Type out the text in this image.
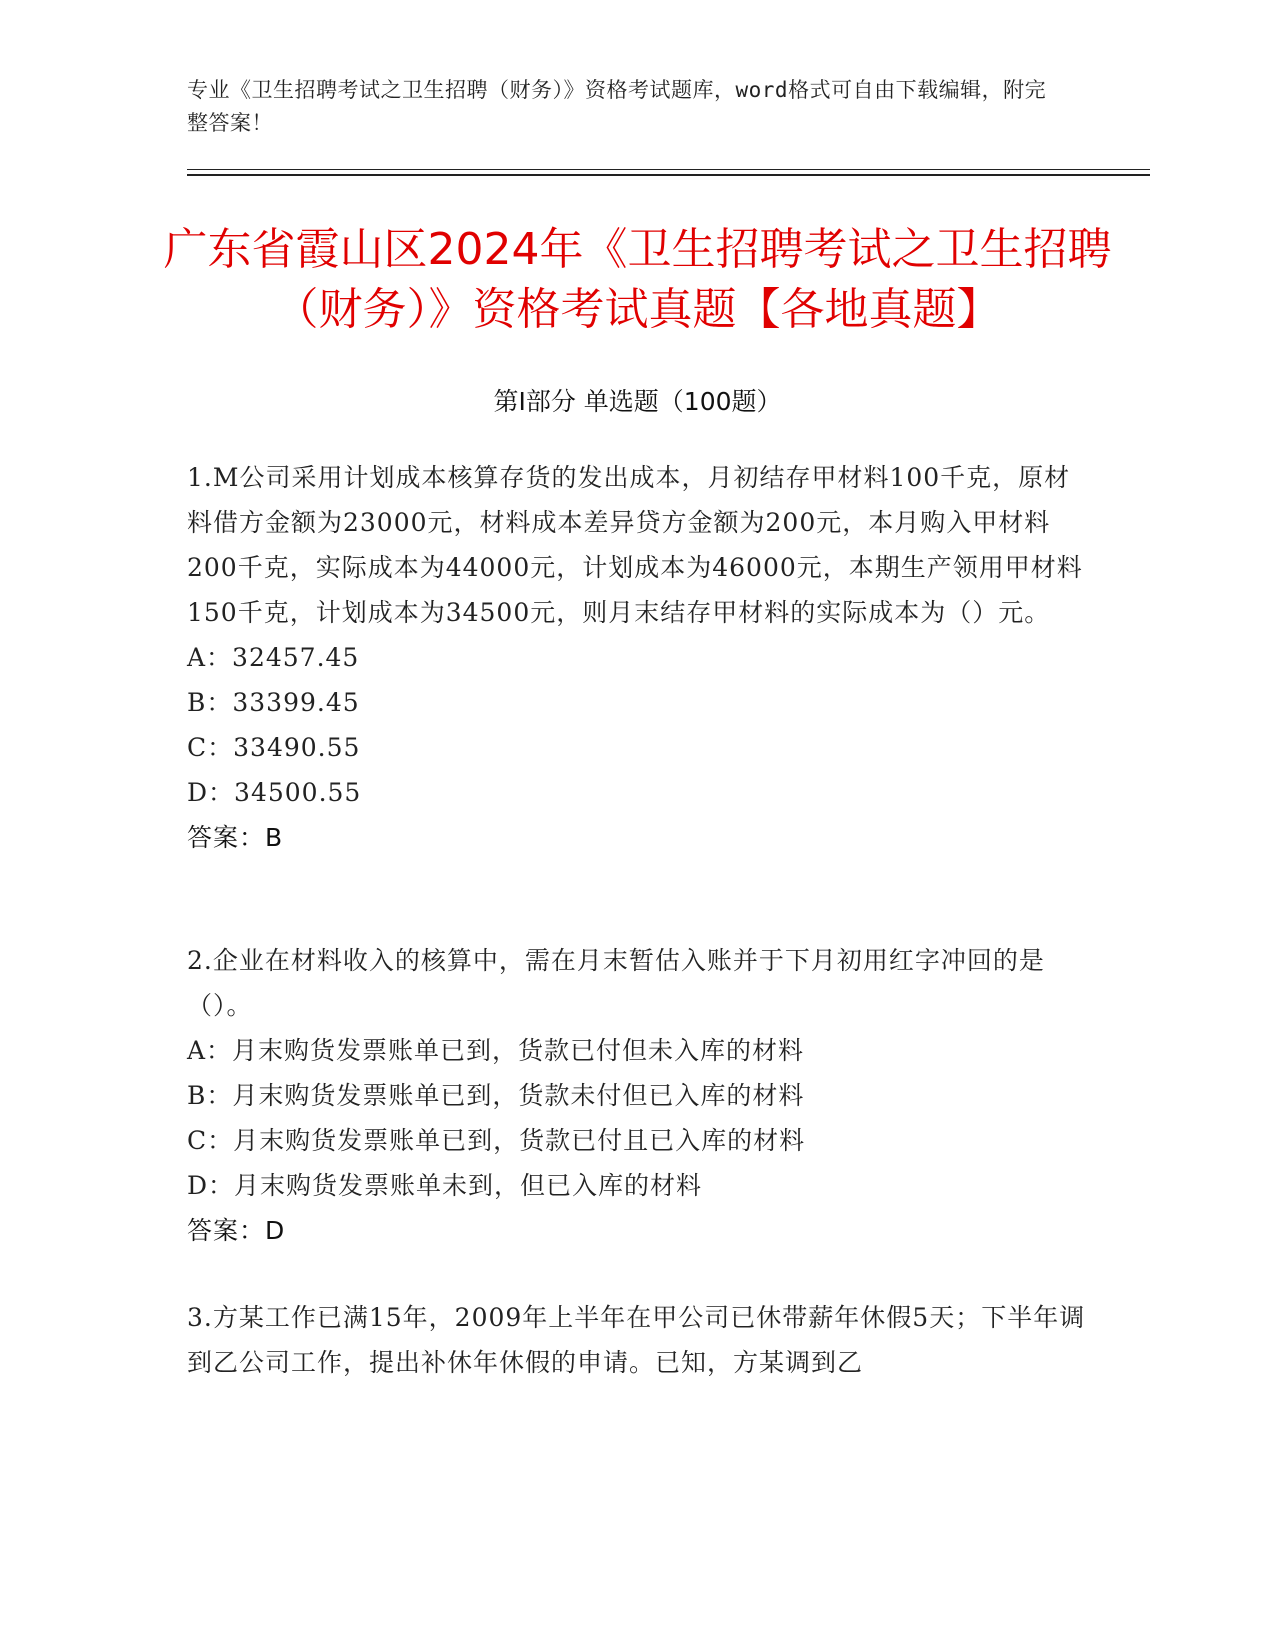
专业《卫生招聘考试之卫生招聘（财务）》资格考试题库，word格式可自由下载编辑，附完整答案！
广东省霞山区2024年《卫生招聘考试之卫生招聘（财务）》资格考试真题【各地真题】
第Ⅰ部分 单选题（100题）

1.M公司采用计划成本核算存货的发出成本，月初结存甲材料100千克，原材料借方金额为23000元，材料成本差异贷方金额为200元，本月购入甲材料200千克，实际成本为44000元，计划成本为46000元，本期生产领用甲材料150千克，计划成本为34500元，则月末结存甲材料的实际成本为（）元。

A：32457.45

B：33399.45

C：33490.55

D：34500.55

答案：B

2.企业在材料收入的核算中，需在月末暂估入账并于下月初用红字冲回的是（）。

A：月末购货发票账单已到，货款已付但未入库的材料

B：月末购货发票账单已到，货款未付但已入库的材料

C：月末购货发票账单已到，货款已付且已入库的材料

D：月末购货发票账单未到，但已入库的材料

答案：D

3.方某工作已满15年，2009年上半年在甲公司已休带薪年休假5天；下半年调到乙公司工作，提出补休年休假的申请。已知，方某调到乙
